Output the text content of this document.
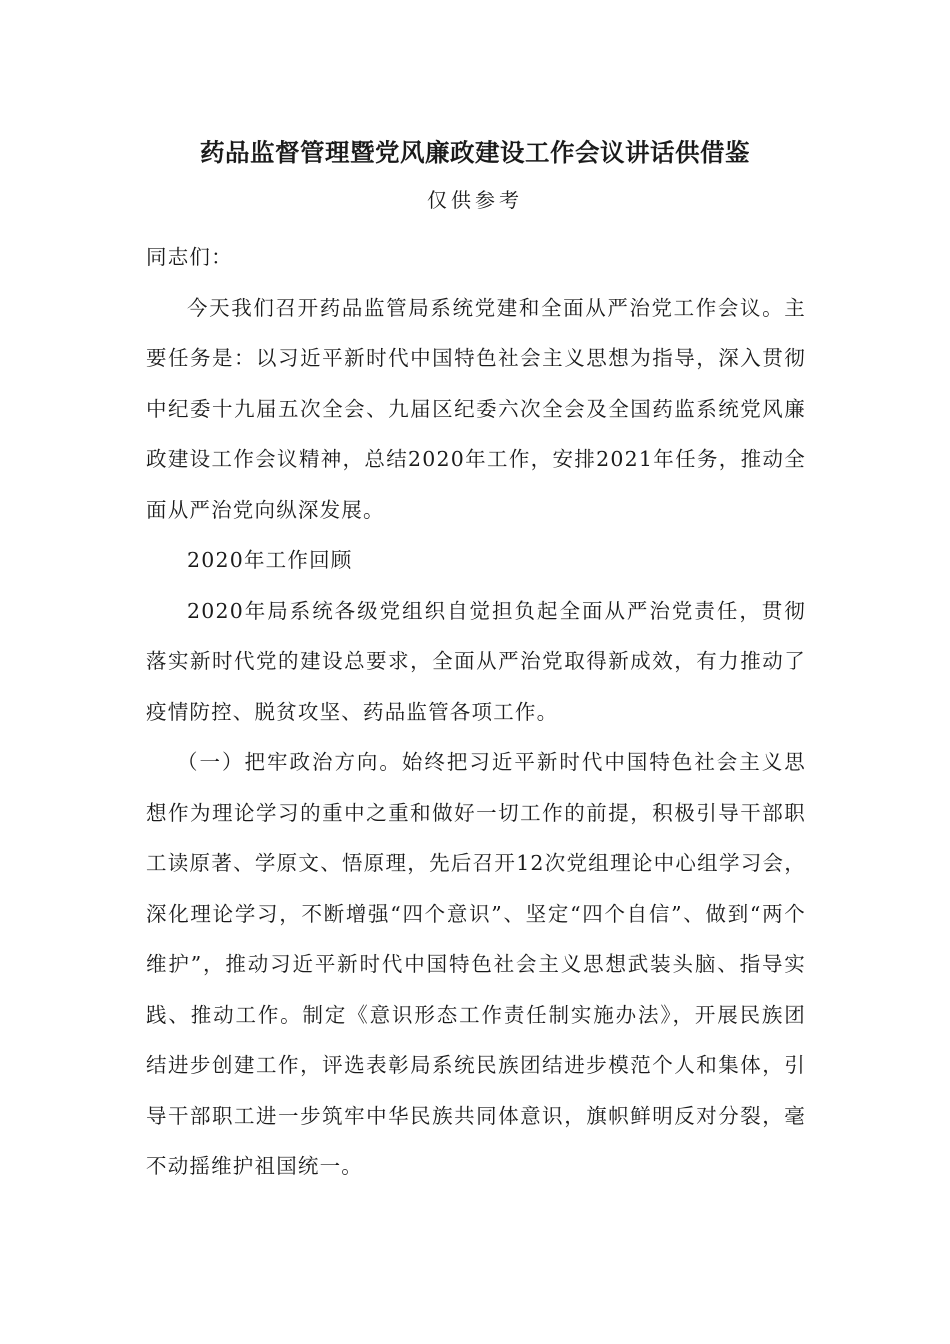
药品监督管理暨党风廉政建设工作会议讲话供借鉴
仅供参考

同志们：

今天我们召开药品监管局系统党建和全面从严治党工作会议。主要任务是：以习近平新时代中国特色社会主义思想为指导，深入贯彻中纪委十九届五次全会、九届区纪委六次全会及全国药监系统党风廉政建设工作会议精神，总结2020年工作，安排2021年任务，推动全面从严治党向纵深发展。

2020年工作回顾

2020年局系统各级党组织自觉担负起全面从严治党责任，贯彻落实新时代党的建设总要求，全面从严治党取得新成效，有力推动了疫情防控、脱贫攻坚、药品监管各项工作。

（一）把牢政治方向。始终把习近平新时代中国特色社会主义思想作为理论学习的重中之重和做好一切工作的前提，积极引导干部职工读原著、学原文、悟原理，先后召开12次党组理论中心组学习会，深化理论学习，不断增强“四个意识”、坚定“四个自信”、做到“两个维护”，推动习近平新时代中国特色社会主义思想武装头脑、指导实践、推动工作。制定《意识形态工作责任制实施办法》，开展民族团结进步创建工作，评选表彰局系统民族团结进步模范个人和集体，引导干部职工进一步筑牢中华民族共同体意识，旗帜鲜明反对分裂，毫不动摇维护祖国统一。
